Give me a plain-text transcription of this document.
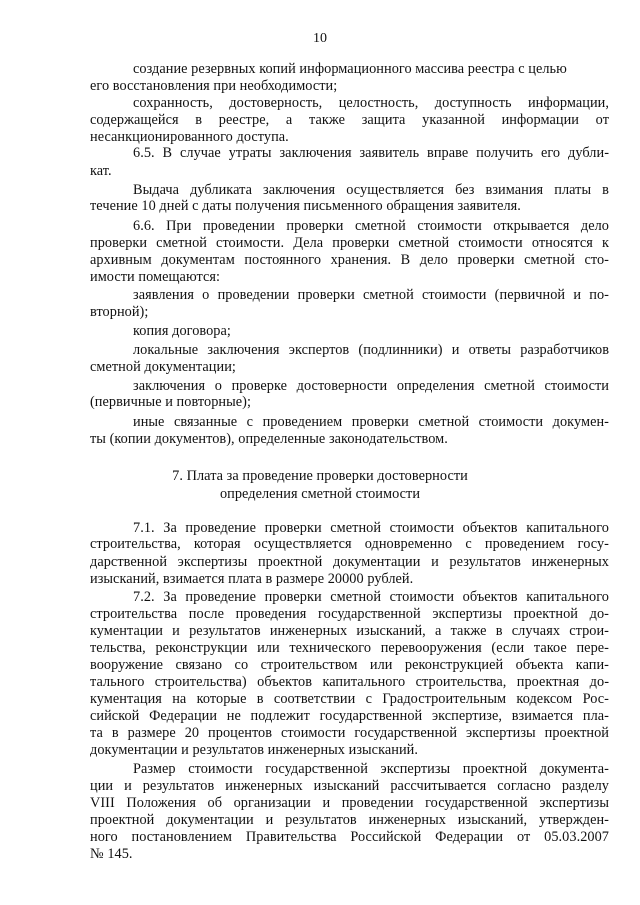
10
создание резервных копий информационного массива реестра с целью
его восстановления при необходимости;
сохранность, достоверность, целостность, доступность информации,
содержащейся в реестре, а также защита указанной информации от
несанкционированного доступа.
6.5. В случае утраты заключения заявитель вправе получить его дубли-
кат.
Выдача дубликата заключения осуществляется без взимания платы в
течение 10 дней с даты получения письменного обращения заявителя.
6.6. При проведении проверки сметной стоимости открывается дело
проверки сметной стоимости. Дела проверки сметной стоимости относятся к
архивным документам постоянного хранения. В дело проверки сметной сто-
имости помещаются:
заявления о проведении проверки сметной стоимости (первичной и по-
вторной);
копия договора;
локальные заключения экспертов (подлинники) и ответы разработчиков
сметной документации;
заключения о проверке достоверности определения сметной стоимости
(первичные и повторные);
иные связанные с проведением проверки сметной стоимости докумен-
ты (копии документов), определенные законодательством.
7. Плата за проведение проверки достоверности
определения сметной стоимости
7.1. За проведение проверки сметной стоимости объектов капитального
строительства, которая осуществляется одновременно с проведением госу-
дарственной экспертизы проектной документации и результатов инженерных
изысканий, взимается плата в размере 20000 рублей.
7.2. За проведение проверки сметной стоимости объектов капитального
строительства после проведения государственной экспертизы проектной до-
кументации и результатов инженерных изысканий, а также в случаях строи-
тельства, реконструкции или технического перевооружения (если такое пере-
вооружение связано со строительством или реконструкцией объекта капи-
тального строительства) объектов капитального строительства, проектная до-
кументация на которые в соответствии с Градостроительным кодексом Рос-
сийской Федерации не подлежит государственной экспертизе, взимается пла-
та в размере 20 процентов стоимости государственной экспертизы проектной
документации и результатов инженерных изысканий.
Размер стоимости государственной экспертизы проектной документа-
ции и результатов инженерных изысканий рассчитывается согласно разделу
VIII Положения об организации и проведении государственной экспертизы
проектной документации и результатов инженерных изысканий, утвержден-
ного постановлением Правительства Российской Федерации от 05.03.2007
№ 145.
